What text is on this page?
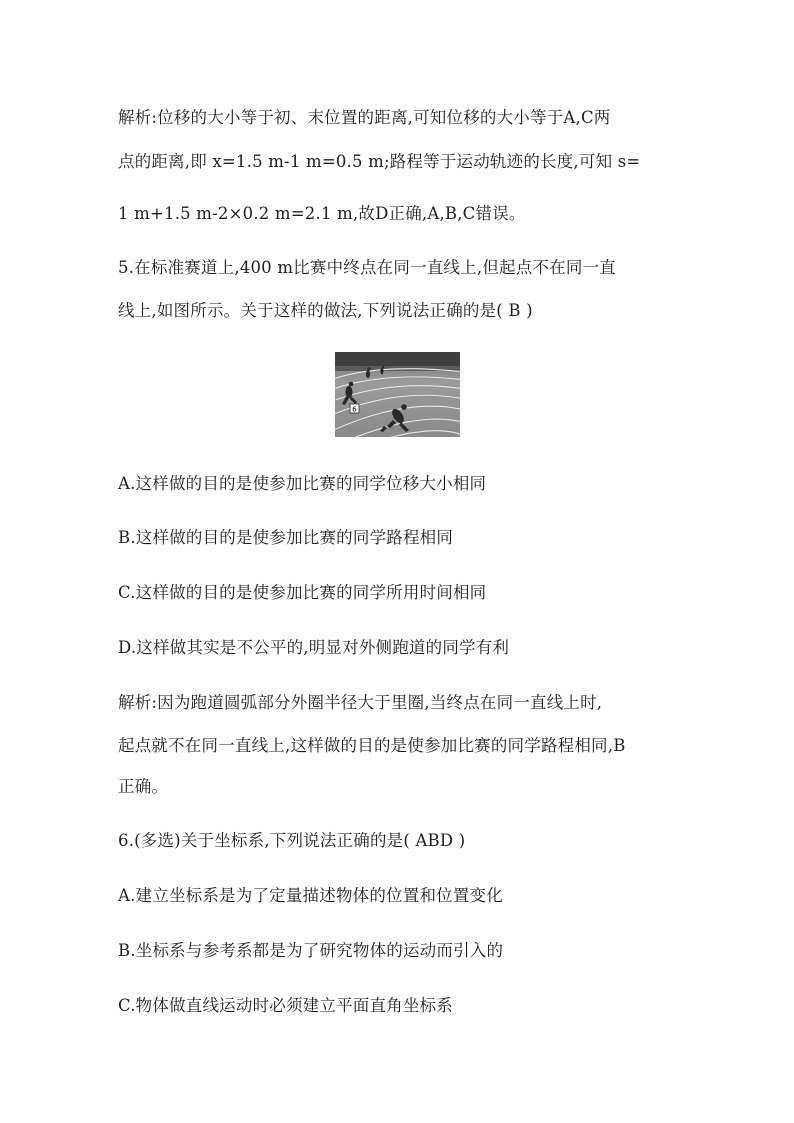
解析:位移的大小等于初、末位置的距离,可知位移的大小等于A,C两
点的距离,即 x=1.5 m-1 m=0.5 m;路程等于运动轨迹的长度,可知 s=
1 m+1.5 m-2×0.2 m=2.1 m,故D正确,A,B,C错误。
5.在标准赛道上,400 m比赛中终点在同一直线上,但起点不在同一直
线上,如图所示。关于这样的做法,下列说法正确的是( B )
6
A.这样做的目的是使参加比赛的同学位移大小相同
B.这样做的目的是使参加比赛的同学路程相同
C.这样做的目的是使参加比赛的同学所用时间相同
D.这样做其实是不公平的,明显对外侧跑道的同学有利
解析:因为跑道圆弧部分外圈半径大于里圈,当终点在同一直线上时,
起点就不在同一直线上,这样做的目的是使参加比赛的同学路程相同,B
正确。
6.(多选)关于坐标系,下列说法正确的是( ABD )
A.建立坐标系是为了定量描述物体的位置和位置变化
B.坐标系与参考系都是为了研究物体的运动而引入的
C.物体做直线运动时必须建立平面直角坐标系
